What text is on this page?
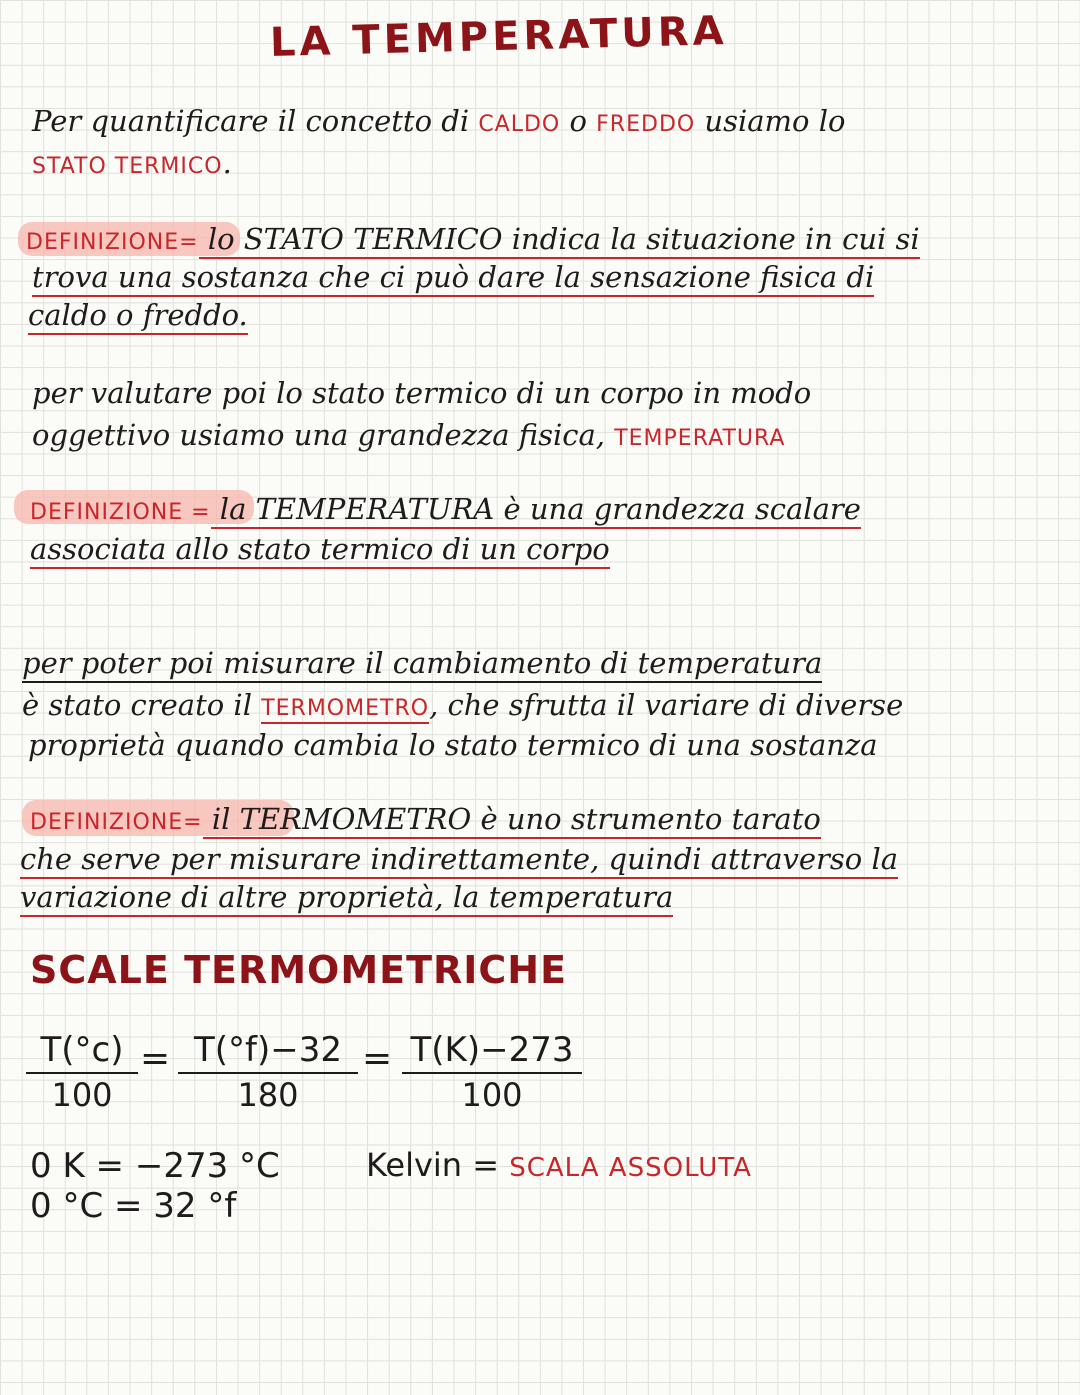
LA TEMPERATURA
Per quantificare il concetto di CALDO o FREDDO usiamo lo
STATO TERMICO.
DEFINIZIONE= lo STATO TERMICO indica la situazione in cui si
trova una sostanza che ci può dare la sensazione fisica di
caldo o freddo.
per valutare poi lo stato termico di un corpo in modo
oggettivo usiamo una grandezza fisica, TEMPERATURA
DEFINIZIONE = la TEMPERATURA è una grandezza scalare
associata allo stato termico di un corpo
per poter poi misurare il cambiamento di temperatura
è stato creato il TERMOMETRO, che sfrutta il variare di diverse
proprietà quando cambia lo stato termico di una sostanza
DEFINIZIONE= il TERMOMETRO è uno strumento tarato
che serve per misurare indirettamente, quindi attraverso la
variazione di altre proprietà, la temperatura
SCALE TERMOMETRICHE
$\frac{T(^\circ c)}{100} = \frac{T(^\circ f)-32}{180} = \frac{T(K)-273}{100}$
0 K = −273 °C
0 °C = 32 °f
Kelvin = SCALA ASSOLUTA
